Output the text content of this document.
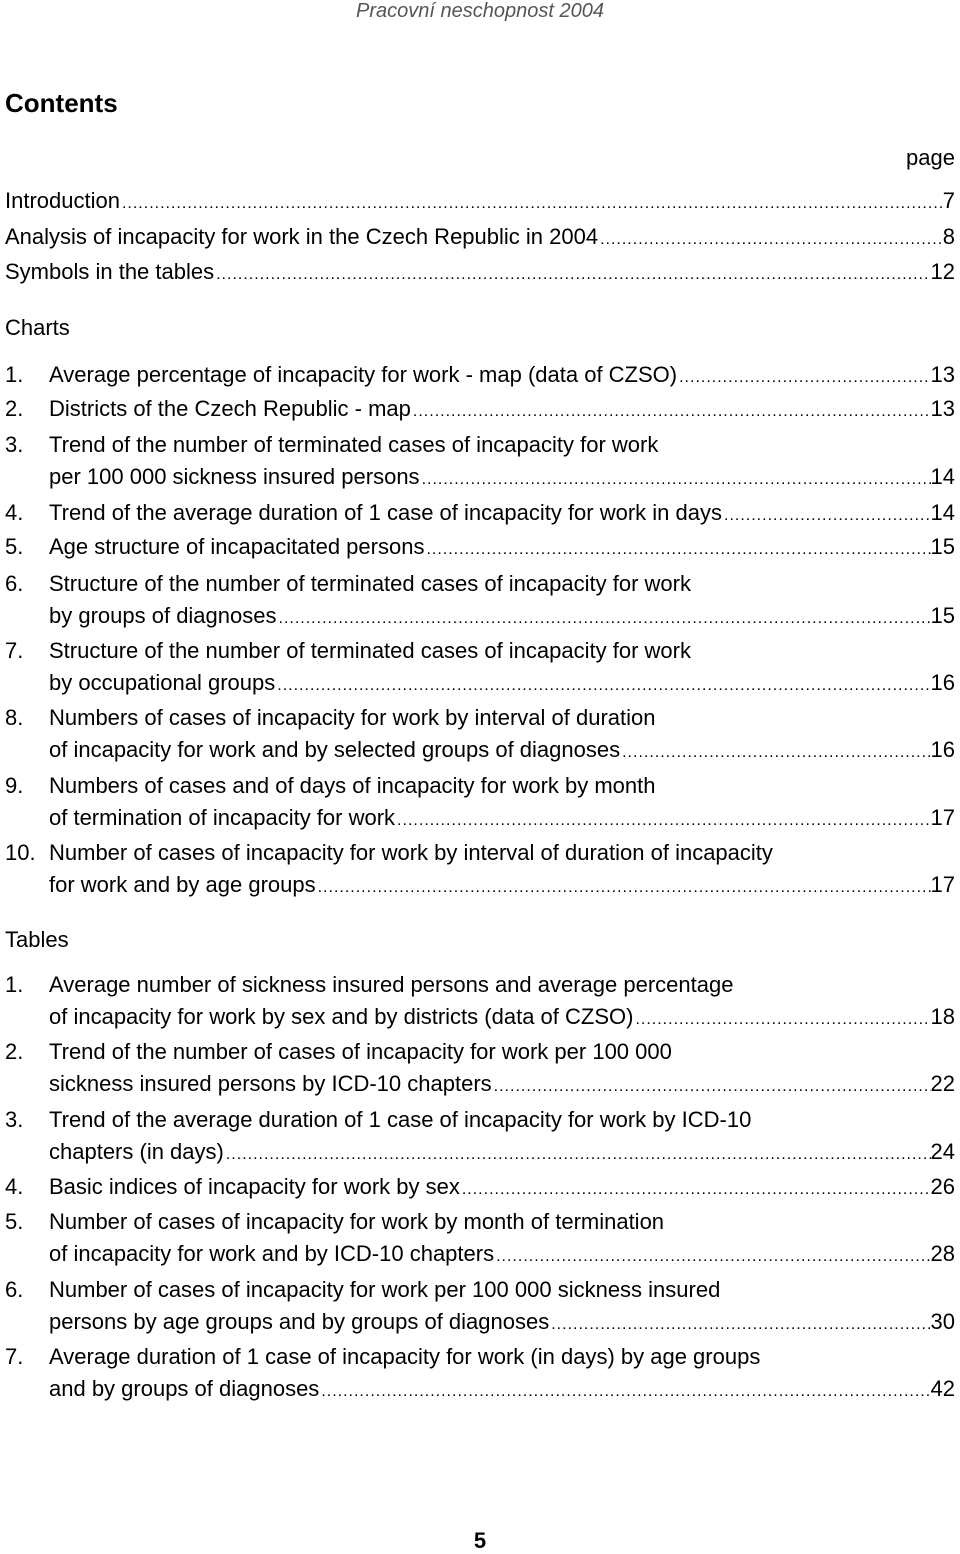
Pracovní neschopnost 2004
Contents
page
Introduction .....	7
Analysis of incapacity for work in the Czech Republic in 2004 .....	8
Symbols in the tables .....	12
Charts
1.	Average percentage of incapacity for work - map (data of CZSO) .....	13
2.	Districts of the Czech Republic - map .....	13
3.	Trend of the number of terminated cases of incapacity for work
per 100 000 sickness insured persons .....	14
4.	Trend of the average duration of 1 case of incapacity for work in days .....	14
5.	Age structure of incapacitated persons .....	15
6.	Structure of the number of terminated cases of incapacity for work
by groups of diagnoses .....	15
7.	Structure of the number of terminated cases of incapacity for work
by occupational groups .....	16
8.	Numbers of cases of incapacity for work by interval of duration
of incapacity for work and by selected groups of diagnoses .....	16
9.	Numbers of cases and of days of incapacity for work by month
of termination of incapacity for work .....	17
10. Number of cases of incapacity for work by interval of duration of incapacity
for work and by age groups .....	17
Tables
1.	Average number of sickness insured persons and average percentage
of incapacity for work by sex and by districts (data of CZSO) .....	18
2.	Trend of the number of cases of incapacity for work per 100 000
sickness insured persons by ICD-10 chapters .....	22
3.	Trend of the average duration of 1 case of incapacity for work by ICD-10
chapters (in days) .....	24
4.	Basic indices of incapacity for work by sex .....	26
5.	Number of cases of incapacity for work by month of termination
of incapacity for work and by ICD-10 chapters .....	28
6.	Number of cases of incapacity for work per 100 000 sickness insured
persons by age groups and by groups of diagnoses .....	30
7.	Average duration of 1 case of incapacity for work (in days) by age groups
and by groups of diagnoses .....	42
5
